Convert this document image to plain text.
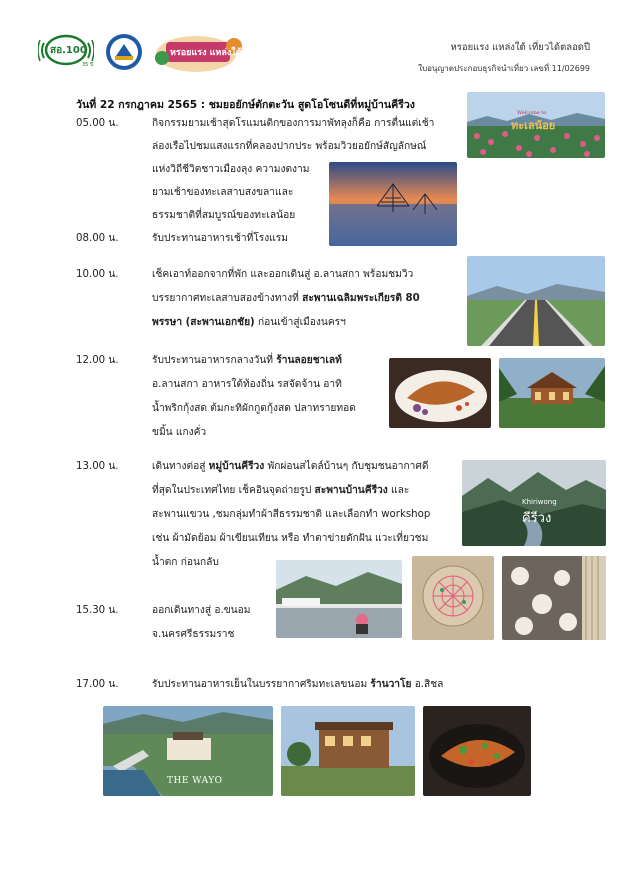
สอ.100
35 ปี
หรอยแรง แหล่งใต้	หรอยแรง แหล่งใต้ เที่ยวได้ตลอดปี
ใบอนุญาตประกอบธุรกิจนำเที่ยว เลขที่ 11/02699
วันที่ 22 กรกฎาคม 2565 : ชมยอยักษ์ตักตะวัน สูดโอโซนดีที่หมู่บ้านคีรีวง
05.00 น.	กิจกรรมยามเช้าสุดโรแมนติกของการมาพัทลุงก็คือ การตื่นแต่เช้า
ล่องเรือไปชมแสงแรกที่คลองปากประ พร้อมวิวยอยักษ์สัญลักษณ์
แห่งวิถีชีวิตชาวเมืองลุง ความงดงาม
ยามเช้าของทะเลสาบสงขลาและ
ธรรมชาติที่สมบูรณ์ของทะเลน้อย
08.00 น.	รับประทานอาหารเช้าที่โรงแรม
Welcome to
ทะเลน้อย
10.00 น.	เช็คเอาท์ออกจากที่พัก และออกเดินสู่ อ.ลานสกา พร้อมชมวิว
บรรยากาศทะเลสาบสองข้างทางที่ สะพานเฉลิมพระเกียรติ 80
พรรษา (สะพานเอกชัย) ก่อนเข้าสู่เมืองนครฯ
12.00 น.	รับประทานอาหารกลางวันที่ ร้านลอยชาเลท์
อ.ลานสกา อาหารใต้ท้องถิ่น รสจัดจ้าน อาทิ
น้ำพริกกุ้งสด ต้มกะทิผักกูดกุ้งสด ปลาทรายทอด
ขมิ้น แกงคั่ว
13.00 น.	เดินทางต่อสู่ หมู่บ้านคีรีวง พักผ่อนสไตล์บ้านๆ กับชุมชนอากาศดี
ที่สุดในประเทศไทย เช็คอินจุดถ่ายรูป สะพานบ้านคีรีวง และ
สะพานแขวน ,ชมกลุ่มทำผ้าสีธรรมชาติ และเลือกทำ workshop
เช่น ผ้ามัดย้อม ผ้าเขียนเทียน หรือ ทำตาข่ายดักฝัน แวะเที่ยวชม
น้ำตก ก่อนกลับ
Khiriwong
คีรีวง
15.30 น.	ออกเดินทางสู่ อ.ขนอม
จ.นครศรีธรรมราช
17.00 น.	รับประทานอาหารเย็นในบรรยากาศริมทะเลขนอม ร้านวาโย อ.สิชล
THE WAYO
